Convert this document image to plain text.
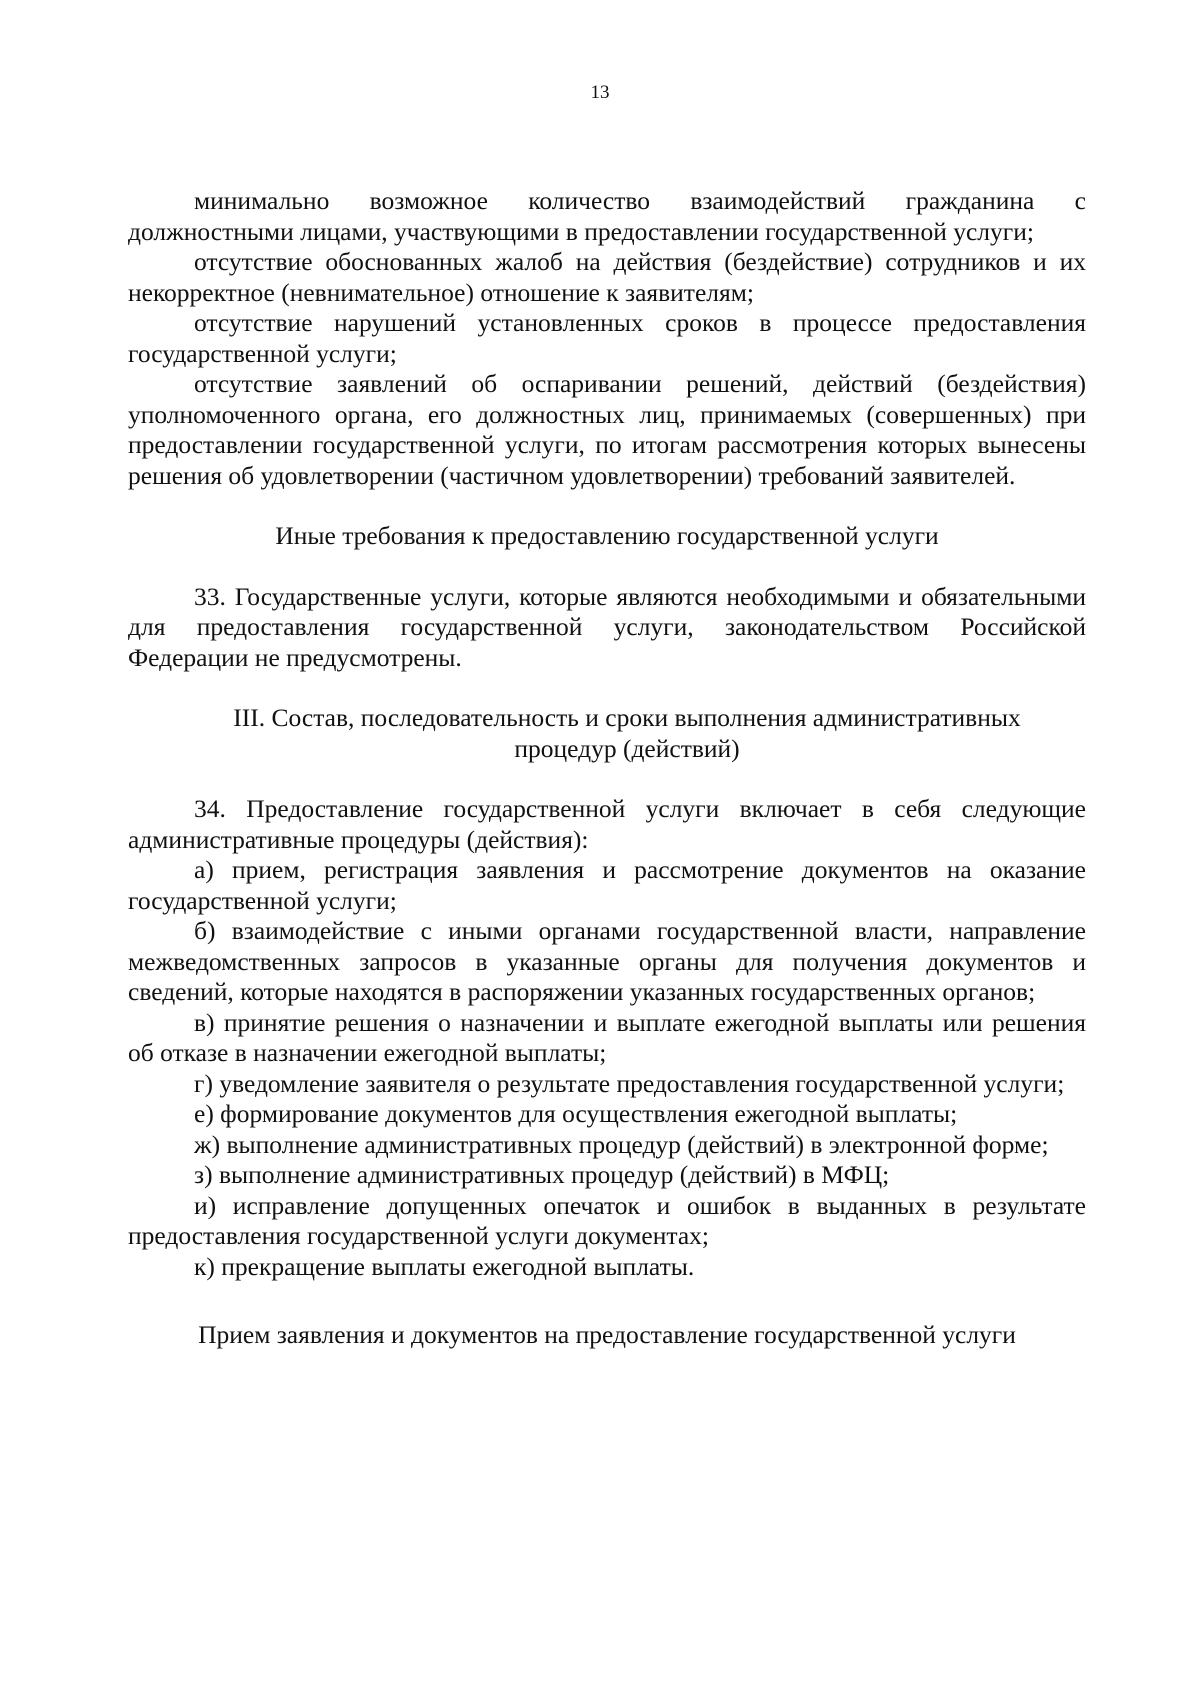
13

минимально возможное количество взаимодействий гражданина с должностными лицами, участвующими в предоставлении государственной услуги;

отсутствие обоснованных жалоб на действия (бездействие) сотрудников и их некорректное (невнимательное) отношение к заявителям;

отсутствие нарушений установленных сроков в процессе предоставления государственной услуги;

отсутствие заявлений об оспаривании решений, действий (бездействия) уполномоченного органа, его должностных лиц, принимаемых (совершенных) при предоставлении государственной услуги, по итогам рассмотрения которых вынесены решения об удовлетворении (частичном удовлетворении) требований заявителей.

Иные требования к предоставлению государственной услуги

33. Государственные услуги, которые являются необходимыми и обязательными для предоставления государственной услуги, законодательством Российской Федерации не предусмотрены.

III. Состав, последовательность и сроки выполнения административных процедур (действий)

34. Предоставление государственной услуги включает в себя следующие административные процедуры (действия):

а) прием, регистрация заявления и рассмотрение документов на оказание государственной услуги;

б) взаимодействие с иными органами государственной власти, направление межведомственных запросов в указанные органы для получения документов и сведений, которые находятся в распоряжении указанных государственных органов;

в) принятие решения о назначении и выплате ежегодной выплаты или решения об отказе в назначении ежегодной выплаты;

г) уведомление заявителя о результате предоставления государственной услуги;

е) формирование документов для осуществления ежегодной выплаты;

ж) выполнение административных процедур (действий) в электронной форме;

з) выполнение административных процедур (действий) в МФЦ;

и) исправление допущенных опечаток и ошибок в выданных в результате предоставления государственной услуги документах;

к) прекращение выплаты ежегодной выплаты.

Прием заявления и документов на предоставление государственной услуги
